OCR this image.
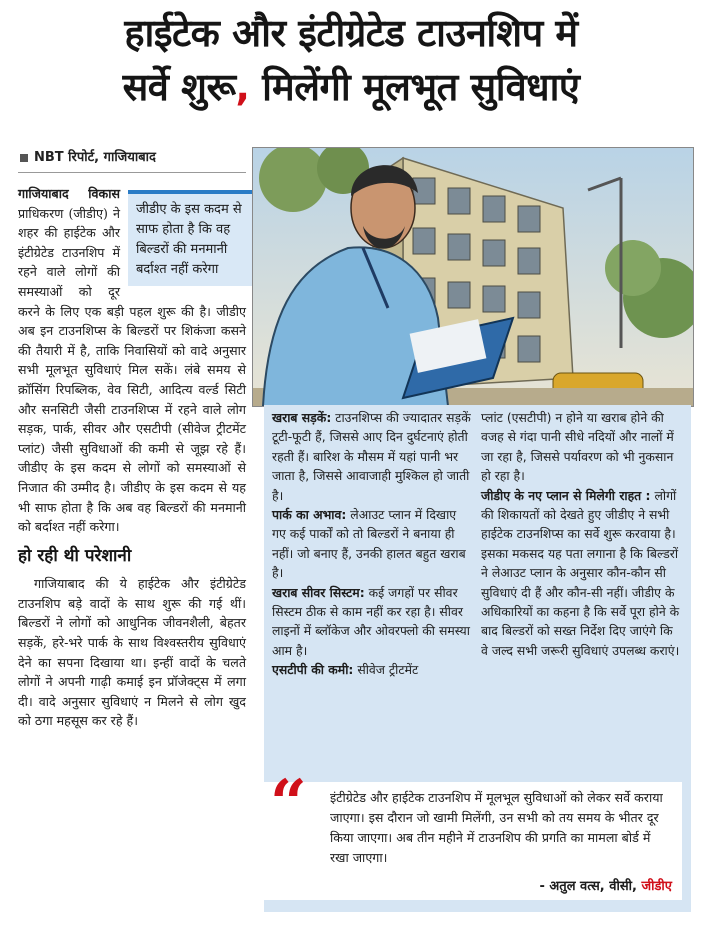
हाईटेक और इंटीग्रेटेड टाउनशिप में
सर्वे शुरू, मिलेंगी मूलभूत सुविधाएं
NBT रिपोर्ट, गाजियाबाद
जीडीए के इस कदम से साफ होता है कि वह बिल्डरों की मनमानी बर्दाश्त नहीं करेगा

गाजियाबाद विकास प्राधिकरण (जीडीए) ने शहर की हाईटेक और इंटीग्रेटेड टाउनशिप में रहने वाले लोगों की समस्याओं को दूर करने के लिए एक बड़ी पहल शुरू की है। जीडीए अब इन टाउनशिप्स के बिल्डरों पर शिकंजा कसने की तैयारी में है, ताकि निवासियों को वादे अनुसार सभी मूलभूत सुविधाएं मिल सकें। लंबे समय से क्रॉसिंग रिपब्लिक, वेव सिटी, आदित्य वर्ल्ड सिटी और सनसिटी जैसी टाउनशिप्स में रहने वाले लोग सड़क, पार्क, सीवर और एसटीपी (सीवेज ट्रीटमेंट प्लांट) जैसी सुविधाओं की कमी से जूझ रहे हैं। जीडीए के इस कदम से लोगों को समस्याओं से निजात की उम्मीद है। जीडीए के इस कदम से यह भी साफ होता है कि अब वह बिल्डरों की मनमानी को बर्दाश्त नहीं करेगा।

हो रही थी परेशानी

गाजियाबाद की ये हाईटेक और इंटीग्रेटेड टाउनशिप बड़े वादों के साथ शुरू की गई थीं। बिल्डरों ने लोगों को आधुनिक जीवनशैली, बेहतर सड़कें, हरे-भरे पार्क के साथ विश्वस्तरीय सुविधाएं देने का सपना दिखाया था। इन्हीं वादों के चलते लोगों ने अपनी गाढ़ी कमाई इन प्रॉजेक्ट्स में लगा दी। वादे अनुसार सुविधाएं न मिलने से लोग खुद को ठगा महसूस कर रहे हैं।

खराब सड़कें: टाउनशिप्स की ज्यादातर सड़कें टूटी-फूटी हैं, जिससे आए दिन दुर्घटनाएं होती रहती हैं। बारिश के मौसम में यहां पानी भर जाता है, जिससे आवाजाही मुश्किल हो जाती है।

पार्क का अभाव: लेआउट प्लान में दिखाए गए कई पार्कों को तो बिल्डरों ने बनाया ही नहीं। जो बनाए हैं, उनकी हालत बहुत खराब है।

खराब सीवर सिस्टम: कई जगहों पर सीवर सिस्टम ठीक से काम नहीं कर रहा है। सीवर लाइनों में ब्लॉकेज और ओवरफ्लो की समस्या आम है।

एसटीपी की कमी: सीवेज ट्रीटमेंट

प्लांट (एसटीपी) न होने या खराब होने की वजह से गंदा पानी सीधे नदियों और नालों में जा रहा है, जिससे पर्यावरण को भी नुकसान हो रहा है।

जीडीए के नए प्लान से मिलेगी राहत : लोगों की शिकायतों को देखते हुए जीडीए ने सभी हाईटेक टाउनशिप्स का सर्वे शुरू करवाया है। इसका मकसद यह पता लगाना है कि बिल्डरों ने लेआउट प्लान के अनुसार कौन-कौन सी सुविधाएं दी हैं और कौन-सी नहीं। जीडीए के अधिकारियों का कहना है कि सर्वे पूरा होने के बाद बिल्डरों को सख्त निर्देश दिए जाएंगे कि वे जल्द सभी जरूरी सुविधाएं उपलब्ध कराएं।

“ इंटीग्रेटेड और हाईटेक टाउनशिप में मूलभूल सुविधाओं को लेकर सर्वे कराया जाएगा। इस दौरान जो खामी मिलेंगी, उन सभी को तय समय के भीतर दूर किया जाएगा। अब तीन महीने में टाउनशिप की प्रगति का मामला बोर्ड में रखा जाएगा।
- अतुल वत्स, वीसी, जीडीए
